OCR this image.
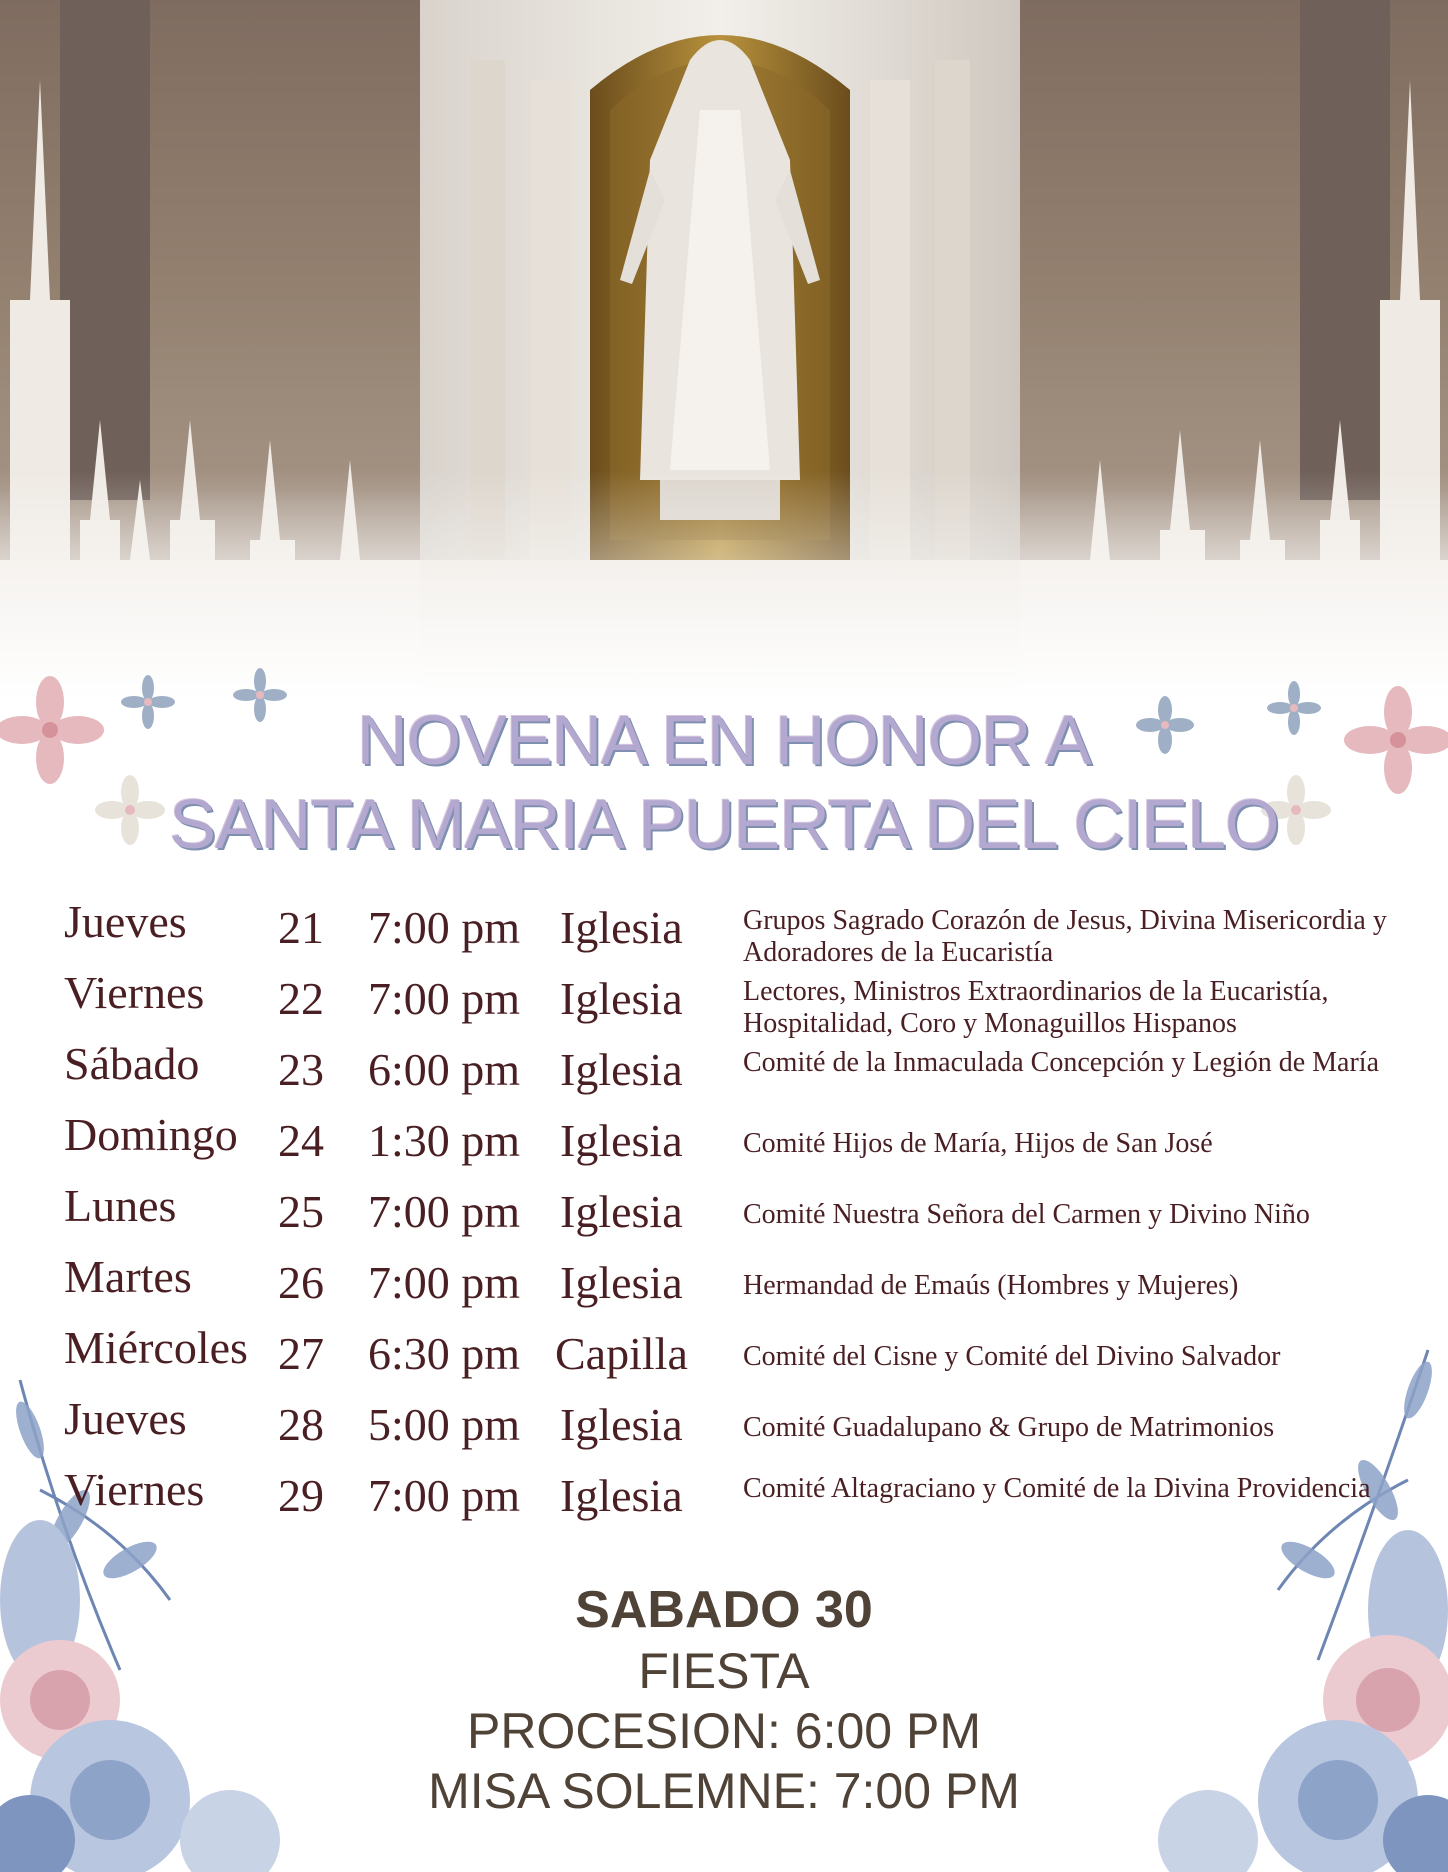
NOVENA EN HONOR A
SANTA MARIA PUERTA DEL CIELO
Jueves 21 7:00 pm Iglesia Grupos Sagrado Corazón de Jesus, Divina Misericordia y Adoradores de la Eucaristía
Viernes 22 7:00 pm Iglesia Lectores, Ministros Extraordinarios de la Eucaristía, Hospitalidad, Coro y Monaguillos Hispanos
Sábado 23 6:00 pm Iglesia Comité de la Inmaculada Concepción y Legión de María
Domingo 24 1:30 pm Iglesia Comité Hijos de María, Hijos de San José
Lunes 25 7:00 pm Iglesia Comité Nuestra Señora del Carmen y Divino Niño
Martes 26 7:00 pm Iglesia Hermandad de Emaús (Hombres y Mujeres)
Miércoles 27 6:30 pm Capilla Comité del Cisne y Comité del Divino Salvador
Jueves 28 5:00 pm Iglesia Comité Guadalupano & Grupo de Matrimonios
Viernes 29 7:00 pm Iglesia Comité Altagraciano y Comité de la Divina Providencia
SABADO 30
FIESTA
PROCESION: 6:00 PM
MISA SOLEMNE: 7:00 PM
